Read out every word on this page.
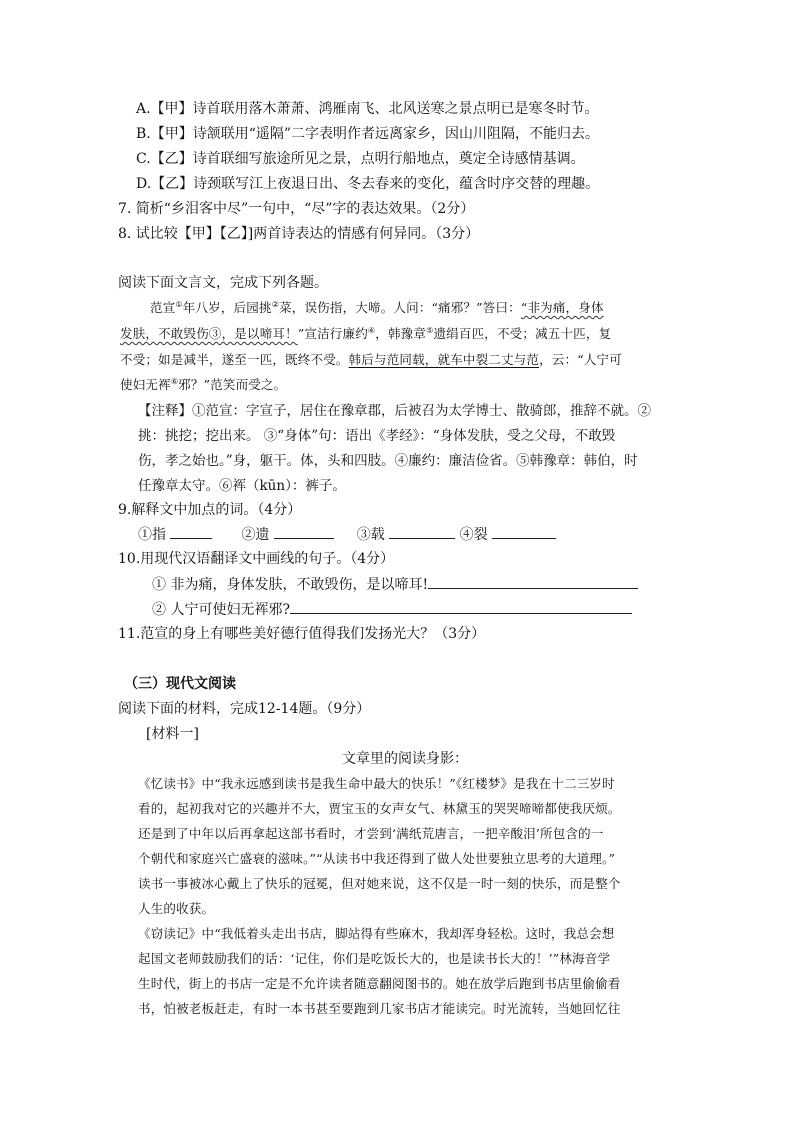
A.【甲】诗首联用落木萧萧、鸿雁南飞、北风送寒之景点明已是寒冬时节。
B.【甲】诗颔联用“遥隔”二字表明作者远离家乡，因山川阻隔，不能归去。
C.【乙】诗首联细写旅途所见之景，点明行船地点，奠定全诗感情基调。
D.【乙】诗颈联写江上夜退日出、冬去春来的变化，蕴含时序交替的理趣。
7. 简析“乡泪客中尽”一句中，“尽”字的表达效果。（2分）
8. 试比较【甲】【乙】]两首诗表达的情感有何异同。（3分）
阅读下面文言文，完成下列各题。
范宣①年八岁，后园挑②菜，误伤指，大啼。人问：“痛邪？”答曰：“非为痛，身体
发肤，不敢毁伤③，是以啼耳！”宣洁行廉约④，韩豫章⑤遗绢百匹，不受；减五十匹，复
不受；如是减半，遂至一匹，既终不受。韩后与范同载，就车中裂二丈与范，云：“人宁可
使妇无裈⑥邪？”范笑而受之。
【注释】①范宣：字宣子，居住在豫章郡，后被召为太学博士、散骑郎，推辞不就。②
挑：挑挖；挖出来。 ③“身体”句：语出《孝经》：“身体发肤，受之父母，不敢毁
伤，孝之始也。”身，躯干。体，头和四肢。④廉约：廉洁俭省。⑤韩豫章：韩伯，时
任豫章太守。⑥裈（kūn）：裤子。
9.解释文中加点的词。（4分）
①指	②遗	③载	④裂
10.用现代汉语翻译文中画线的句子。（4分）
① 非为痛，身体发肤，不敢毁伤，是以啼耳!
② 人宁可使妇无裈邪?
11.范宣的身上有哪些美好德行值得我们发扬光大？（3分）
（三）现代文阅读
阅读下面的材料，完成12-14题。（9分）
[材料一]
文章里的阅读身影：
《忆读书》中“我永远感到读书是我生命中最大的快乐！”《红楼梦》是我在十二三岁时
看的，起初我对它的兴趣并不大，贾宝玉的女声女气、林黛玉的哭哭啼啼都使我厌烦。
还是到了中年以后再拿起这部书看时，才尝到‘满纸荒唐言，一把辛酸泪’所包含的一
个朝代和家庭兴亡盛衰的滋味。”“从读书中我还得到了做人处世要独立思考的大道理。”
读书一事被冰心戴上了快乐的冠冕，但对她来说，这不仅是一时一刻的快乐，而是整个
人生的收获。
《窃读记》中“我低着头走出书店，脚站得有些麻木，我却浑身轻松。这时，我总会想
起国文老师鼓励我们的话：‘记住，你们是吃饭长大的，也是读书长大的！’”林海音学
生时代，街上的书店一定是不允许读者随意翻阅图书的。她在放学后跑到书店里偷偷看
书，怕被老板赶走，有时一本书甚至要跑到几家书店才能读完。时光流转，当她回忆往
